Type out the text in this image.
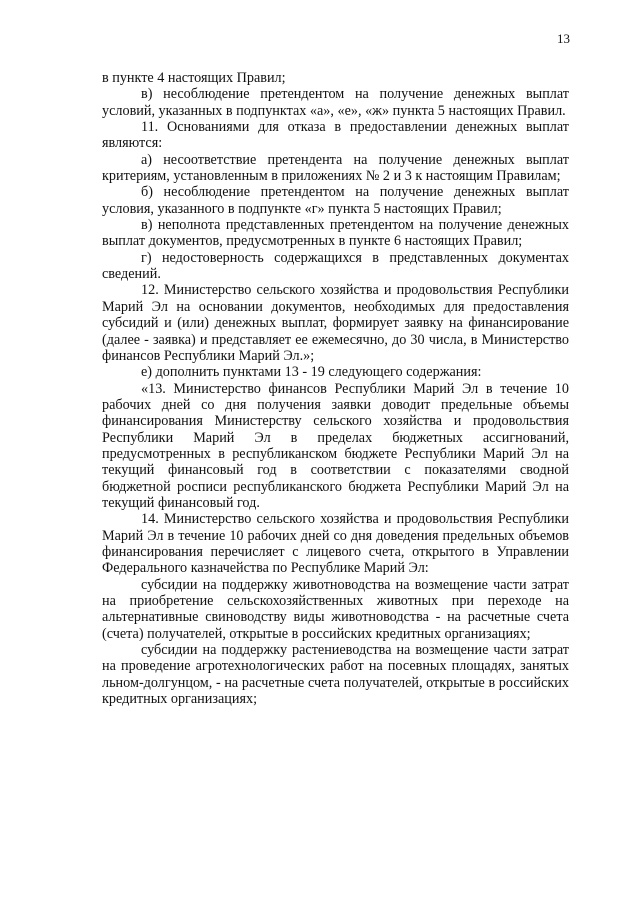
13

в пункте 4 настоящих Правил;

в) несоблюдение претендентом на получение денежных выплат условий, указанных в подпунктах «а», «е», «ж» пункта 5 настоящих Правил.

11. Основаниями для отказа в предоставлении денежных выплат являются:

а) несоответствие претендента на получение денежных выплат критериям, установленным в приложениях № 2 и 3 к настоящим Правилам;

б) несоблюдение претендентом на получение денежных выплат условия, указанного в подпункте «г» пункта 5 настоящих Правил;

в) неполнота представленных претендентом на получение денежных выплат документов, предусмотренных в пункте 6 настоящих Правил;

г) недостоверность содержащихся в представленных документах сведений.

12. Министерство сельского хозяйства и продовольствия Республики Марий Эл на основании документов, необходимых для предоставления субсидий и (или) денежных выплат, формирует заявку на финансирование (далее - заявка) и представляет ее ежемесячно, до 30 числа, в Министерство финансов Республики Марий Эл.»;

е) дополнить пунктами 13 - 19 следующего содержания:

«13. Министерство финансов Республики Марий Эл в течение 10 рабочих дней со дня получения заявки доводит предельные объемы финансирования Министерству сельского хозяйства и продовольствия Республики Марий Эл в пределах бюджетных ассигнований, предусмотренных в республиканском бюджете Республики Марий Эл на текущий финансовый год в соответствии с показателями сводной бюджетной росписи республиканского бюджета Республики Марий Эл на текущий финансовый год.

14. Министерство сельского хозяйства и продовольствия Республики Марий Эл в течение 10 рабочих дней со дня доведения предельных объемов финансирования перечисляет с лицевого счета, открытого в Управлении Федерального казначейства по Республике Марий Эл:

субсидии на поддержку животноводства на возмещение части затрат на приобретение сельскохозяйственных животных при переходе на альтернативные свиноводству виды животноводства - на расчетные счета (счета) получателей, открытые в российских кредитных организациях;

субсидии на поддержку растениеводства на возмещение части затрат на проведение агротехнологических работ на посевных площадях, занятых льном-долгунцом, - на расчетные счета получателей, открытые в российских кредитных организациях;
